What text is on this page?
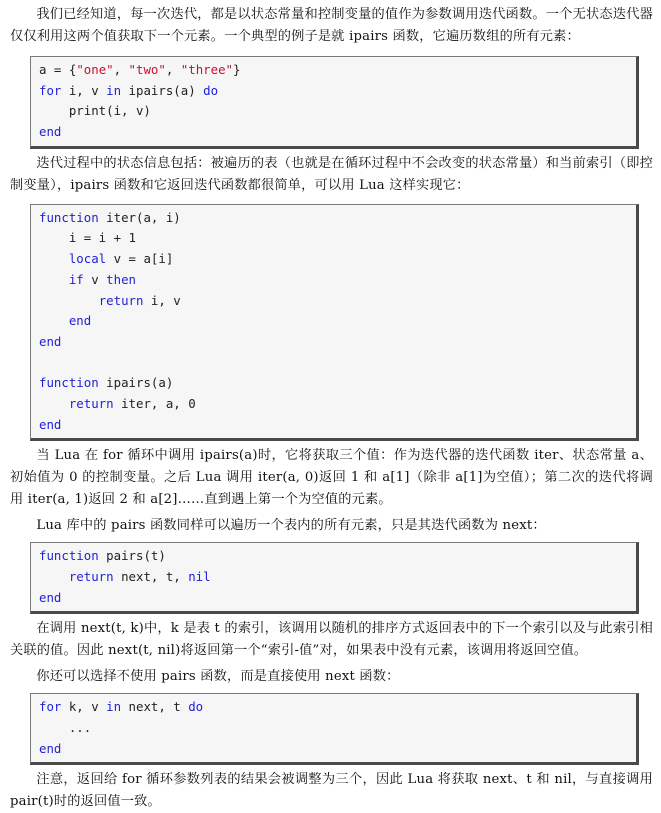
我们已经知道，每一次迭代，都是以状态常量和控制变量的值作为参数调用迭代函数。一个无状态迭代器仅仅利用这两个值获取下一个元素。一个典型的例子是就 ipairs 函数，它遍历数组的所有元素：

a = {"one", "two", "three"}
for i, v in ipairs(a) do
print(i, v)
end

迭代过程中的状态信息包括：被遍历的表（也就是在循环过程中不会改变的状态常量）和当前索引（即控制变量），ipairs 函数和它返回迭代函数都很简单，可以用 Lua 这样实现它：

function iter(a, i)
i = i + 1
local v = a[i]
if v then
return i, v
end
end
function ipairs(a)
return iter, a, 0
end

当 Lua 在 for 循环中调用 ipairs(a)时，它将获取三个值：作为迭代器的迭代函数 iter、状态常量 a、初始值为 0 的控制变量。之后 Lua 调用 iter(a, 0)返回 1 和 a[1]（除非 a[1]为空值）；第二次的迭代将调用 iter(a, 1)返回 2 和 a[2]……直到遇上第一个为空值的元素。

Lua 库中的 pairs 函数同样可以遍历一个表内的所有元素，只是其迭代函数为 next：

function pairs(t)
return next, t, nil
end

在调用 next(t, k)中，k 是表 t 的索引，该调用以随机的排序方式返回表中的下一个索引以及与此索引相关联的值。因此 next(t, nil)将返回第一个“索引-值”对，如果表中没有元素，该调用将返回空值。

你还可以选择不使用 pairs 函数，而是直接使用 next 函数：

for k, v in next, t do
...
end

注意，返回给 for 循环参数列表的结果会被调整为三个，因此 Lua 将获取 next、t 和 nil，与直接调用 pair(t)时的返回值一致。
